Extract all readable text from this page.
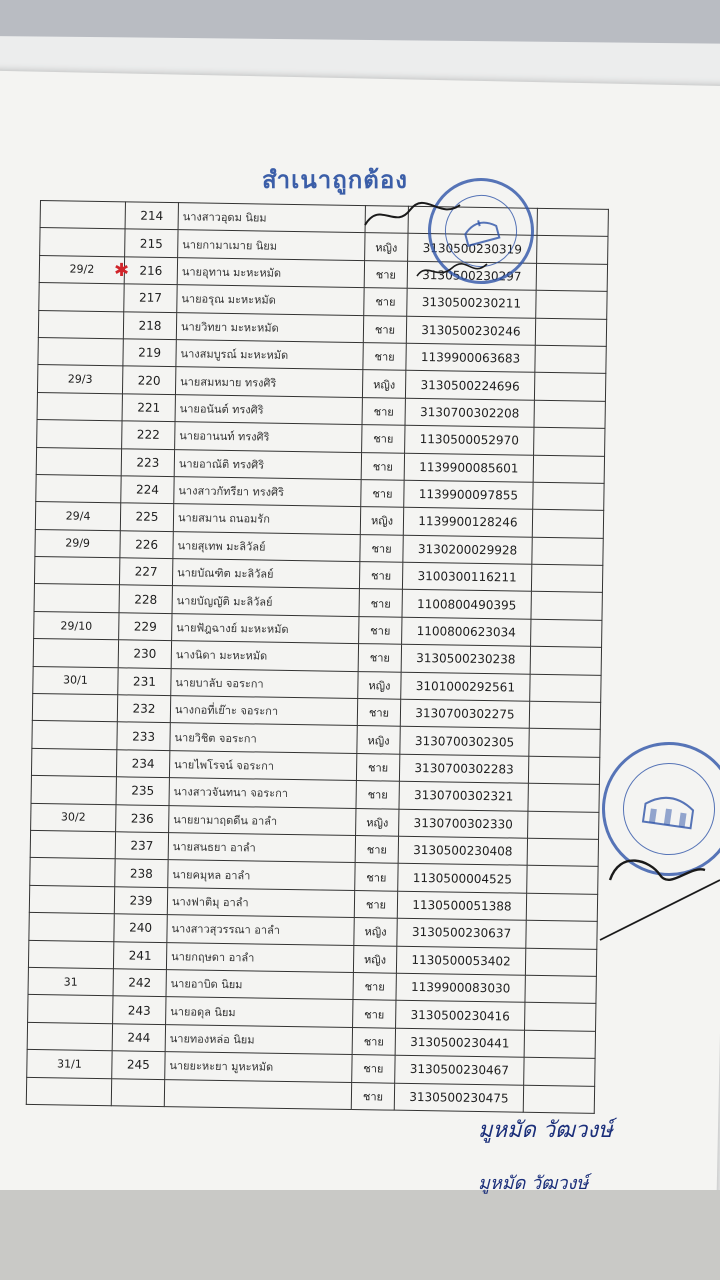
สำเนาถูกต้อง
	214	นางสาวอุดม นิยม			
	215	นายกามาเมาย นิยม	หญิง	3130500230319	
29/2	216	นายอุทาน มะหะหมัด	ชาย	3130500230297	
	217	นายอรุณ มะหะหมัด	ชาย	3130500230211	
	218	นายวิทยา มะหะหมัด	ชาย	3130500230246	
	219	นางสมบูรณ์ มะหะหมัด	ชาย	1139900063683	
29/3	220	นายสมหมาย ทรงศิริ	หญิง	3130500224696	
	221	นายอนันต์ ทรงศิริ	ชาย	3130700302208	
	222	นายอานนท์ ทรงศิริ	ชาย	1130500052970	
	223	นายอาณัติ ทรงศิริ	ชาย	1139900085601	
	224	นางสาวกัทรียา ทรงศิริ	ชาย	1139900097855	
29/4	225	นายสมาน ถนอมรัก	หญิง	1139900128246	
29/9	226	นายสุเทพ มะลิวัลย์	ชาย	3130200029928	
	227	นายบัณฑิต มะลิวัลย์	ชาย	3100300116211	
	228	นายบัญญัติ มะลิวัลย์	ชาย	1100800490395	
29/10	229	นายฟัฎฉางย์ มะหะหมัด	ชาย	1100800623034	
	230	นางนิดา มะหะหมัด	ชาย	3130500230238	
30/1	231	นายบาลับ จอระกา	หญิง	3101000292561	
	232	นางกอที่เย๊าะ จอระกา	ชาย	3130700302275	
	233	นายวิชิต จอระกา	หญิง	3130700302305	
	234	นายไพโรจน์ จอระกา	ชาย	3130700302283	
	235	นางสาวจันทนา จอระกา	ชาย	3130700302321	
30/2	236	นายยามาฤดดีน อาลำ	หญิง	3130700302330	
	237	นายสนธยา อาลำ	ชาย	3130500230408	
	238	นายคมุหล อาลำ	ชาย	1130500004525	
	239	นางฟาติมุ อาลำ	ชาย	1130500051388	
	240	นางสาวสุวรรณา อาลำ	หญิง	3130500230637	
	241	นายกฤษดา อาลำ	หญิง	1130500053402	
31	242	นายอาบิด นิยม	ชาย	1139900083030	
	243	นายอดุล นิยม	ชาย	3130500230416	
	244	นายทองหล่อ นิยม	ชาย	3130500230441	
31/1	245	นายยะหะยา มูหะหมัด	ชาย	3130500230467	
			ชาย	3130500230475	
✱
มูหมัด วัฒวงษ์
มูหมัด วัฒวงษ์
